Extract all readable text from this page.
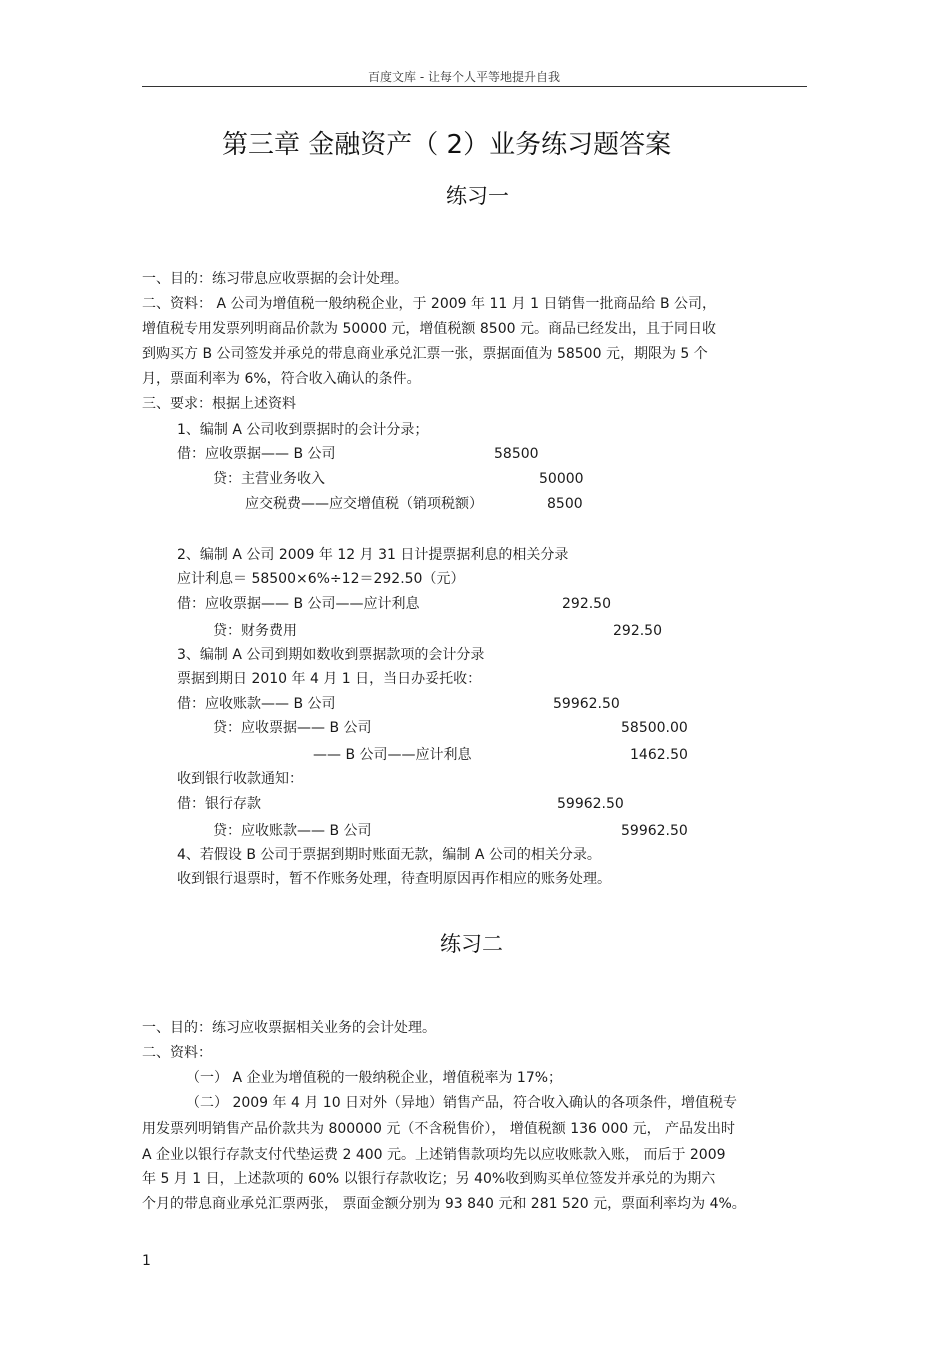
百度文库 - 让每个人平等地提升自我
第三章 金融资产（ 2）业务练习题答案
练习一
一、目的：练习带息应收票据的会计处理。
二、资料： A 公司为增值税一般纳税企业，于 2009 年 11 月 1 日销售一批商品给 B 公司，
增值税专用发票列明商品价款为 50000 元，增值税额 8500 元。商品已经发出，且于同日收
到购买方 B 公司签发并承兑的带息商业承兑汇票一张，票据面值为 58500 元，期限为 5 个
月，票面利率为 6%，符合收入确认的条件。
三、要求：根据上述资料
1、编制 A 公司收到票据时的会计分录；
借：应收票据—— B 公司	58500
贷：主营业务收入	50000
应交税费——应交增值税（销项税额）	8500
2、编制 A 公司 2009 年 12 月 31 日计提票据利息的相关分录
应计利息＝ 58500×6%÷12＝292.50（元）
借：应收票据—— B 公司——应计利息	292.50
贷：财务费用	292.50
3、编制 A 公司到期如数收到票据款项的会计分录
票据到期日 2010 年 4 月 1 日，当日办妥托收：
借：应收账款—— B 公司	59962.50
贷：应收票据—— B 公司	58500.00
—— B 公司——应计利息	1462.50
收到银行收款通知：
借：银行存款	59962.50
贷：应收账款—— B 公司	59962.50
4、若假设 B 公司于票据到期时账面无款，编制 A 公司的相关分录。
收到银行退票时，暂不作账务处理，待查明原因再作相应的账务处理。
练习二
一、目的：练习应收票据相关业务的会计处理。
二、资料：
（一） A 企业为增值税的一般纳税企业，增值税率为 17%；
（二） 2009 年 4 月 10 日对外（异地）销售产品，符合收入确认的各项条件，增值税专
用发票列明销售产品价款共为 800000 元（不含税售价）， 增值税额 136 000 元， 产品发出时
A 企业以银行存款支付代垫运费 2 400 元。上述销售款项均先以应收账款入账， 而后于 2009
年 5 月 1 日，上述款项的 60% 以银行存款收讫；另 40%收到购买单位签发并承兑的为期六
个月的带息商业承兑汇票两张， 票面金额分别为 93 840 元和 281 520 元，票面利率均为 4%。
1
